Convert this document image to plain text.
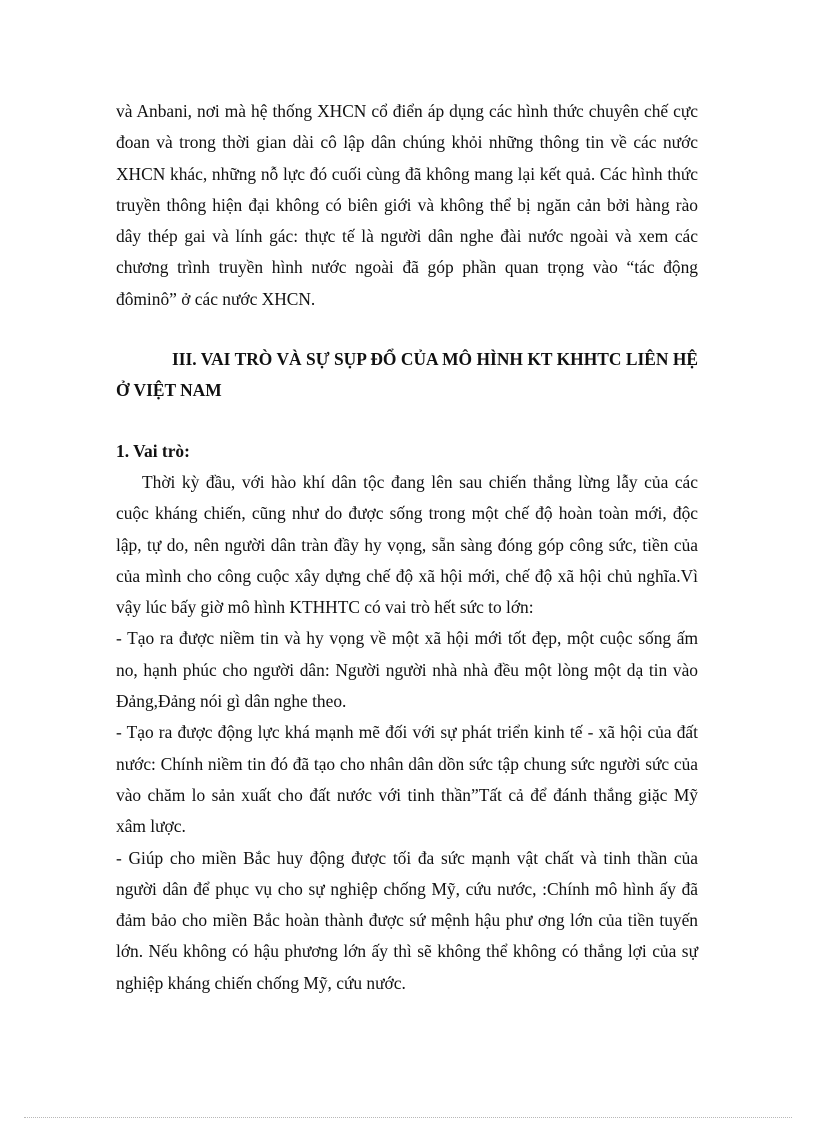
và Anbani, nơi mà hệ thống XHCN cổ điển áp dụng các hình thức chuyên chế cực đoan và trong thời gian dài cô lập dân chúng khỏi những thông tin về các nước XHCN khác, những nỗ lực đó cuối cùng đã không mang lại kết quả. Các hình thức truyền thông hiện đại không có biên giới và không thể bị ngăn cản bởi hàng rào dây thép gai và lính gác: thực tế là người dân nghe đài nước ngoài và xem các chương trình truyền hình nước ngoài đã góp phần quan trọng vào “tác động đôminô” ở các nước XHCN.

III. VAI TRÒ VÀ SỰ SỤP ĐỔ CỦA MÔ HÌNH KT KHHTC LIÊN HỆ Ở VIỆT NAM

1. Vai trò:

Thời kỳ đầu, với hào khí dân tộc đang lên sau chiến thắng lừng lẫy của các cuộc kháng chiến, cũng như do được sống trong một chế độ hoàn toàn mới, độc lập, tự do, nên người dân tràn đầy hy vọng, sẵn sàng đóng góp công sức, tiền của của mình cho công cuộc xây dựng chế độ xã hội mới, chế độ xã hội chủ nghĩa.Vì vậy lúc bấy giờ mô hình KTHHTC có vai trò hết sức to lớn:

- Tạo ra được niềm tin và hy vọng về một xã hội mới tốt đẹp, một cuộc sống ấm no, hạnh phúc cho người dân: Người người nhà nhà đều một lòng một dạ tin vào Đảng,Đảng nói gì dân nghe theo.

- Tạo ra được động lực khá mạnh mẽ đối với sự phát triển kinh tế - xã hội của đất nước: Chính niềm tin đó đã tạo cho nhân dân dồn sức tập chung sức người sức của vào chăm lo sản xuất cho đất nước với tinh thần”Tất cả để đánh thắng giặc Mỹ xâm lược.

- Giúp cho miền Bắc huy động được tối đa sức mạnh vật chất và tinh thần của người dân để phục vụ cho sự nghiệp chống Mỹ, cứu nước, :Chính mô hình ấy đã đảm bảo cho miền Bắc hoàn thành được sứ mệnh hậu phư ơng lớn của tiền tuyến lớn. Nếu không có hậu phương lớn ấy thì sẽ không thể không có thắng lợi của sự nghiệp kháng chiến chống Mỹ, cứu nước.
